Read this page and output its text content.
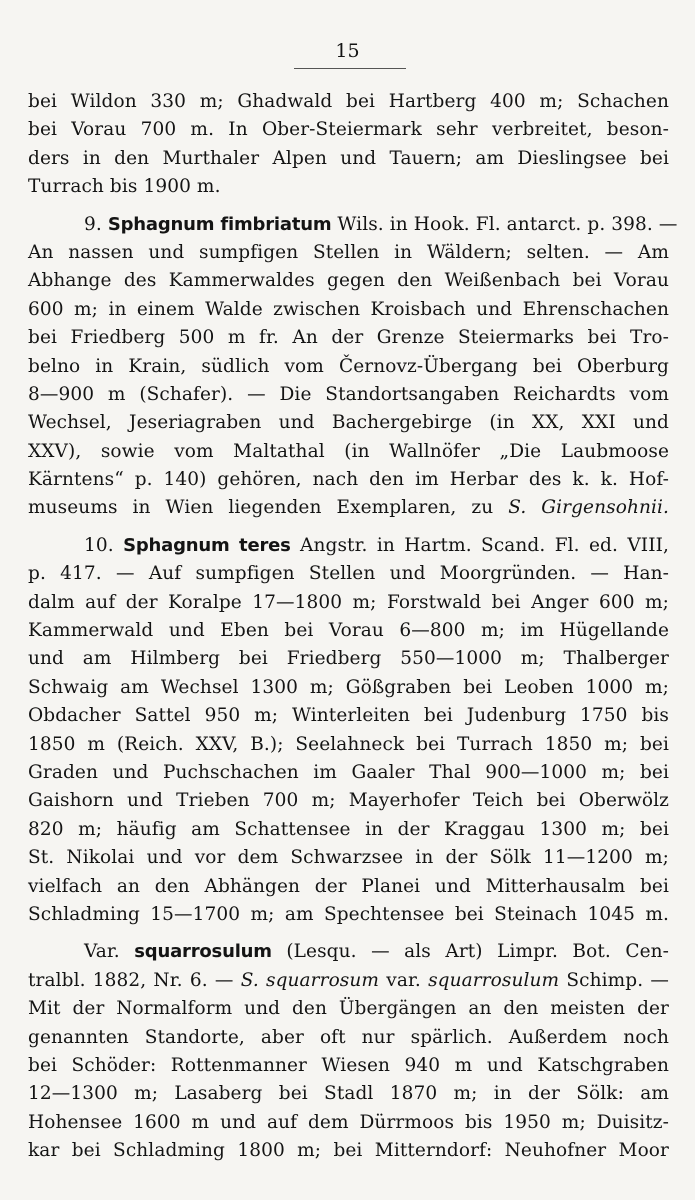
15
bei Wildon 330 m; Ghadwald bei Hartberg 400 m; Schachen
bei Vorau 700 m. In Ober-Steiermark sehr verbreitet, beson-
ders in den Murthaler Alpen und Tauern; am Dieslingsee bei
Turrach bis 1900 m.
9. Sphagnum fimbriatum Wils. in Hook. Fl. antarct. p. 398. —
An nassen und sumpfigen Stellen in Wäldern; selten. — Am
Abhange des Kammerwaldes gegen den Weißenbach bei Vorau
600 m; in einem Walde zwischen Kroisbach und Ehrenschachen
bei Friedberg 500 m fr. An der Grenze Steiermarks bei Tro-
belno in Krain, südlich vom Černovz-Übergang bei Oberburg
8—900 m (Schafer). — Die Standortsangaben Reichardts vom
Wechsel, Jeseriagraben und Bachergebirge (in XX, XXI und
XXV), sowie vom Maltathal (in Wallnöfer „Die Laubmoose
Kärntens“ p. 140) gehören, nach den im Herbar des k. k. Hof-
museums in Wien liegenden Exemplaren, zu S. Girgensohnii.
10. Sphagnum teres Angstr. in Hartm. Scand. Fl. ed. VIII,
p. 417. — Auf sumpfigen Stellen und Moorgründen. — Han-
dalm auf der Koralpe 17—1800 m; Forstwald bei Anger 600 m;
Kammerwald und Eben bei Vorau 6—800 m; im Hügellande
und am Hilmberg bei Friedberg 550—1000 m; Thalberger
Schwaig am Wechsel 1300 m; Gößgraben bei Leoben 1000 m;
Obdacher Sattel 950 m; Winterleiten bei Judenburg 1750 bis
1850 m (Reich. XXV, B.); Seelahneck bei Turrach 1850 m; bei
Graden und Puchschachen im Gaaler Thal 900—1000 m; bei
Gaishorn und Trieben 700 m; Mayerhofer Teich bei Oberwölz
820 m; häufig am Schattensee in der Kraggau 1300 m; bei
St. Nikolai und vor dem Schwarzsee in der Sölk 11—1200 m;
vielfach an den Abhängen der Planei und Mitterhausalm bei
Schladming 15—1700 m; am Spechtensee bei Steinach 1045 m.
Var. squarrosulum (Lesqu. — als Art) Limpr. Bot. Cen-
tralbl. 1882, Nr. 6. — S. squarrosum var. squarrosulum Schimp. —
Mit der Normalform und den Übergängen an den meisten der
genannten Standorte, aber oft nur spärlich. Außerdem noch
bei Schöder: Rottenmanner Wiesen 940 m und Katschgraben
12—1300 m; Lasaberg bei Stadl 1870 m; in der Sölk: am
Hohensee 1600 m und auf dem Dürrmoos bis 1950 m; Duisitz-
kar bei Schladming 1800 m; bei Mitterndorf: Neuhofner Moor
